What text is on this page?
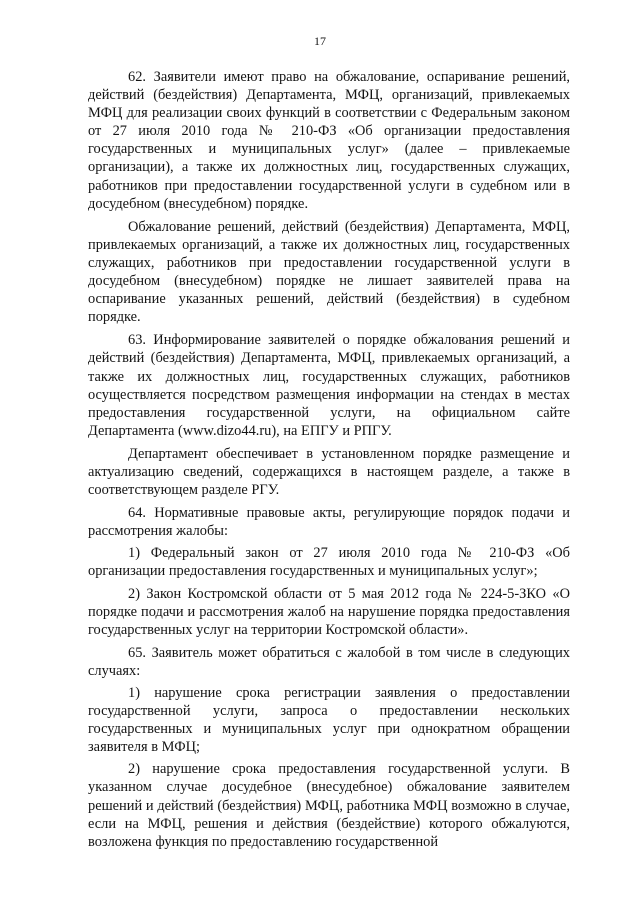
17

62. Заявители имеют право на обжалование, оспаривание решений, действий (бездействия) Департамента, МФЦ, организаций, привлекаемых МФЦ для реализации своих функций в соответствии с Федеральным законом от 27 июля 2010 года № 210-ФЗ «Об организации предоставления государственных и муниципальных услуг» (далее – привлекаемые организации), а также их должностных лиц, государственных служащих, работников при предоставлении государственной услуги в судебном или в досудебном (внесудебном) порядке.

Обжалование решений, действий (бездействия) Департамента, МФЦ, привлекаемых организаций, а также их должностных лиц, государственных служащих, работников при предоставлении государственной услуги в досудебном (внесудебном) порядке не лишает заявителей права на оспаривание указанных решений, действий (бездействия) в судебном порядке.

63. Информирование заявителей о порядке обжалования решений и действий (бездействия) Департамента, МФЦ, привлекаемых организаций, а также их должностных лиц, государственных служащих, работников осуществляется посредством размещения информации на стендах в местах предоставления государственной услуги, на официальном сайте Департамента (www.dizo44.ru), на ЕПГУ и РПГУ.

Департамент обеспечивает в установленном порядке размещение и актуализацию сведений, содержащихся в настоящем разделе, а также в соответствующем разделе РГУ.

64. Нормативные правовые акты, регулирующие порядок подачи и рассмотрения жалобы:

1) Федеральный закон от 27 июля 2010 года № 210-ФЗ «Об организации предоставления государственных и муниципальных услуг»;

2) Закон Костромской области от 5 мая 2012 года № 224-5-ЗКО «О порядке подачи и рассмотрения жалоб на нарушение порядка предоставления государственных услуг на территории Костромской области».

65. Заявитель может обратиться с жалобой в том числе в следующих случаях:

1) нарушение срока регистрации заявления о предоставлении государственной услуги, запроса о предоставлении нескольких государственных и муниципальных услуг при однократном обращении заявителя в МФЦ;

2) нарушение срока предоставления государственной услуги. В указанном случае досудебное (внесудебное) обжалование заявителем решений и действий (бездействия) МФЦ, работника МФЦ возможно в случае, если на МФЦ, решения и действия (бездействие) которого обжалуются, возложена функция по предоставлению государственной
